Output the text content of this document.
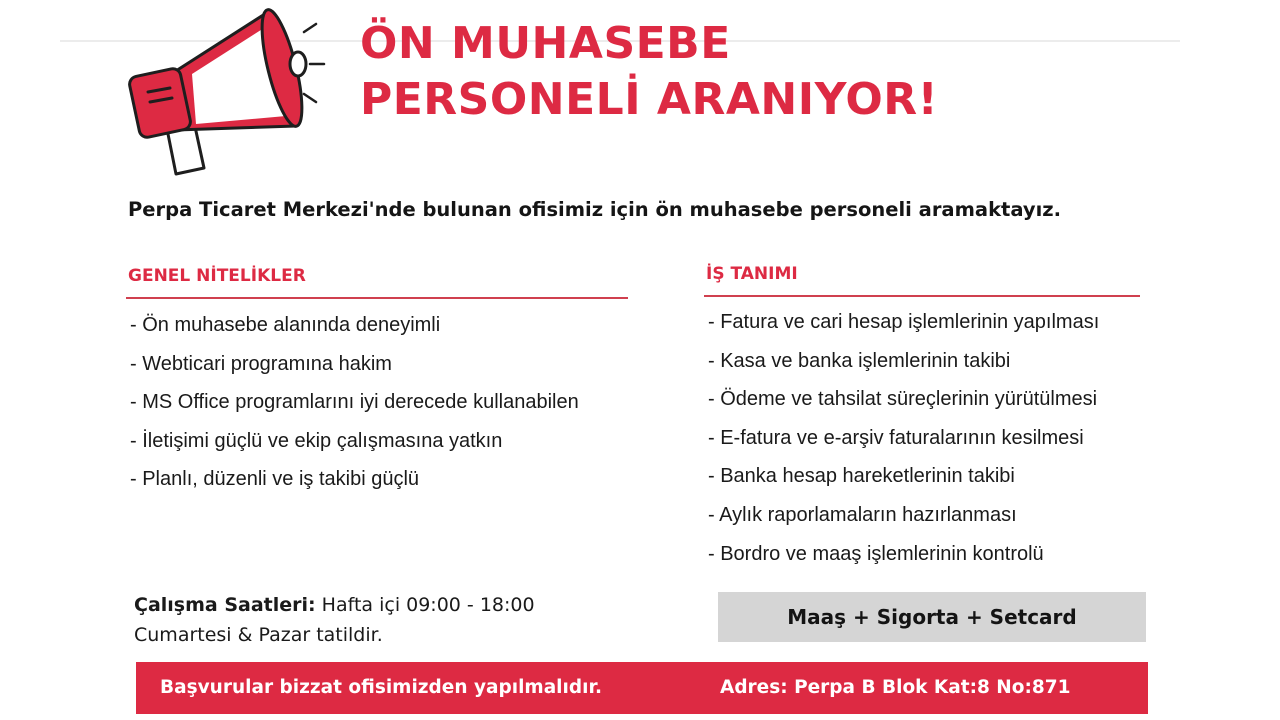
ÖN MUHASEBE
PERSONELİ ARANIYOR!
Perpa Ticaret Merkezi'nde bulunan ofisimiz için ön muhasebe personeli aramaktayız.
GENEL NİTELİKLER
- Ön muhasebe alanında deneyimli
- Webticari programına hakim
- MS Office programlarını iyi derecede kullanabilen
- İletişimi güçlü ve ekip çalışmasına yatkın
- Planlı, düzenli ve iş takibi güçlü
İŞ TANIMI
- Fatura ve cari hesap işlemlerinin yapılması
- Kasa ve banka işlemlerinin takibi
- Ödeme ve tahsilat süreçlerinin yürütülmesi
- E-fatura ve e-arşiv faturalarının kesilmesi
- Banka hesap hareketlerinin takibi
- Aylık raporlamaların hazırlanması
- Bordro ve maaş işlemlerinin kontrolü
Çalışma Saatleri: Hafta içi 09:00 - 18:00
Cumartesi & Pazar tatildir.
Maaş + Sigorta + Setcard
Başvurular bizzat ofisimizden yapılmalıdır.	Adres: Perpa B Blok Kat:8 No:871
